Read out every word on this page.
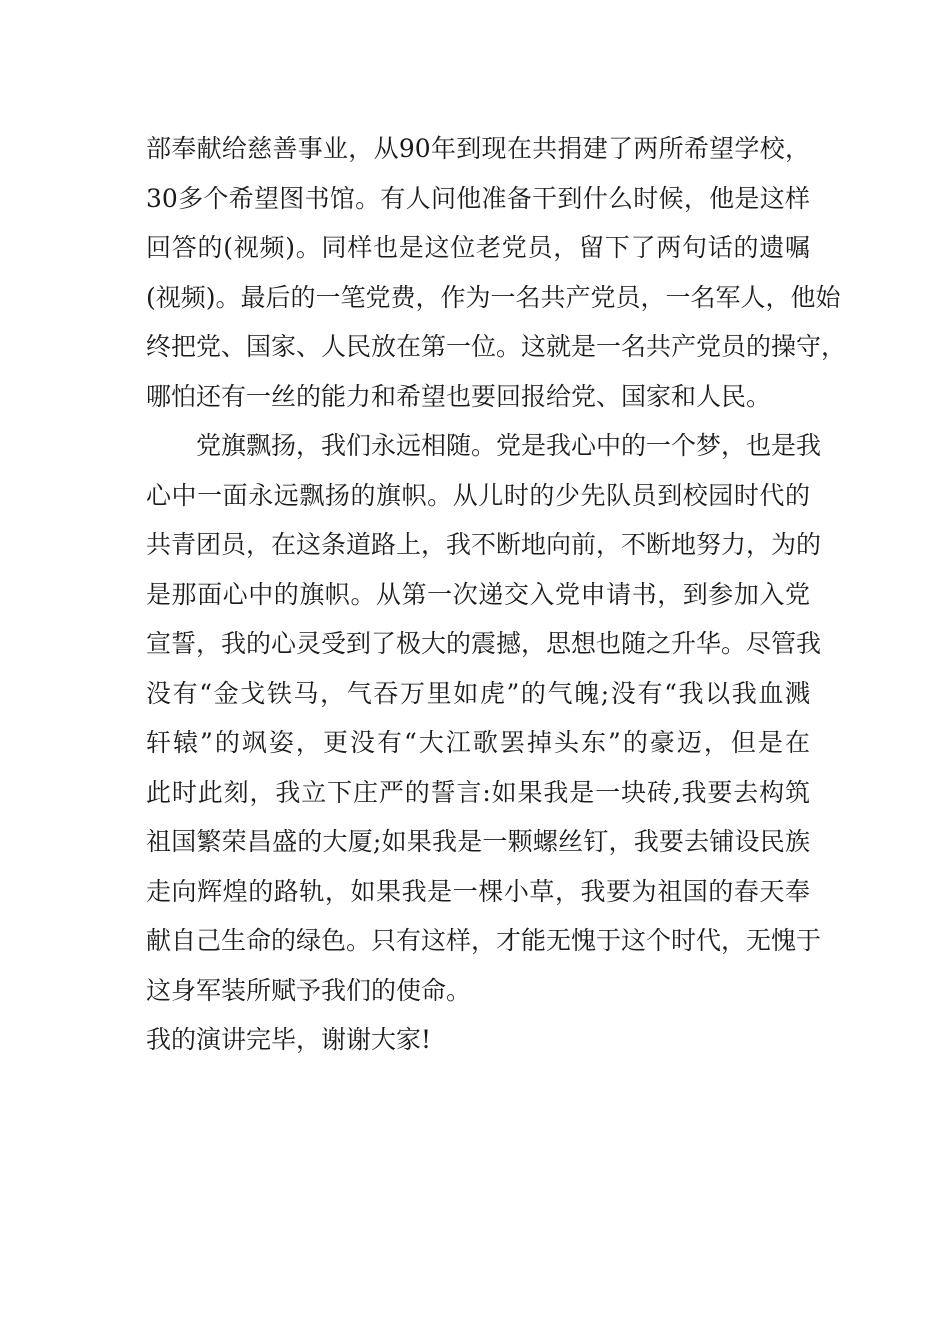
部奉献给慈善事业，从90年到现在共捐建了两所希望学校，
30多个希望图书馆。有人问他准备干到什么时候，他是这样
回答的(视频)。同样也是这位老党员，留下了两句话的遗嘱
(视频)。最后的一笔党费，作为一名共产党员，一名军人，他始
终把党、国家、人民放在第一位。这就是一名共产党员的操守，
哪怕还有一丝的能力和希望也要回报给党、国家和人民。
党旗飘扬，我们永远相随。党是我心中的一个梦，也是我
心中一面永远飘扬的旗帜。从儿时的少先队员到校园时代的
共青团员，在这条道路上，我不断地向前，不断地努力，为的
是那面心中的旗帜。从第一次递交入党申请书，到参加入党
宣誓，我的心灵受到了极大的震撼，思想也随之升华。尽管我
没有“金戈铁马，气吞万里如虎”的气魄;没有“我以我血溅
轩辕”的飒姿，更没有“大江歌罢掉头东”的豪迈，但是在
此时此刻，我立下庄严的誓言:如果我是一块砖,我要去构筑
祖国繁荣昌盛的大厦;如果我是一颗螺丝钉，我要去铺设民族
走向辉煌的路轨，如果我是一棵小草，我要为祖国的春天奉
献自己生命的绿色。只有这样，才能无愧于这个时代，无愧于
这身军装所赋予我们的使命。
我的演讲完毕，谢谢大家!
